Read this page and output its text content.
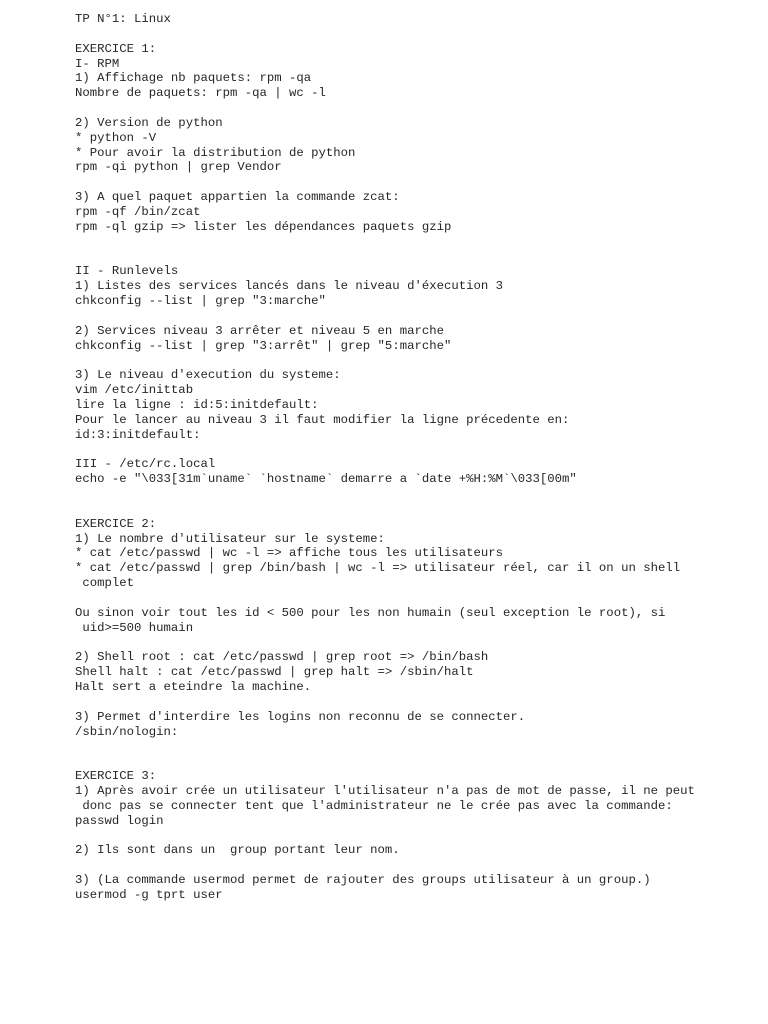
TP N°1: Linux
EXERCICE 1:
I- RPM
1) Affichage nb paquets: rpm -qa
Nombre de paquets: rpm -qa | wc -l
2) Version de python
* python -V
* Pour avoir la distribution de python
rpm -qi python | grep Vendor
3) A quel paquet appartien la commande zcat:
rpm -qf /bin/zcat
rpm -ql gzip => lister les dépendances paquets gzip
II - Runlevels
1) Listes des services lancés dans le niveau d'éxecution 3
chkconfig --list | grep "3:marche"
2) Services niveau 3 arrêter et niveau 5 en marche
chkconfig --list | grep "3:arrêt" | grep "5:marche"
3) Le niveau d'execution du systeme:
vim /etc/inittab
lire la ligne : id:5:initdefault:
Pour le lancer au niveau 3 il faut modifier la ligne précedente en:
id:3:initdefault:
III - /etc/rc.local
echo -e "\033[31m`uname` `hostname` demarre a `date +%H:%M`\033[00m"
EXERCICE 2:
1) Le nombre d'utilisateur sur le systeme:
* cat /etc/passwd | wc -l => affiche tous les utilisateurs
* cat /etc/passwd | grep /bin/bash | wc -l => utilisateur réel, car il on un shell
complet
Ou sinon voir tout les id < 500 pour les non humain (seul exception le root), si
uid>=500 humain
2) Shell root : cat /etc/passwd | grep root => /bin/bash
Shell halt : cat /etc/passwd | grep halt => /sbin/halt
Halt sert a eteindre la machine.
3) Permet d'interdire les logins non reconnu de se connecter.
/sbin/nologin:
EXERCICE 3:
1) Après avoir crée un utilisateur l'utilisateur n'a pas de mot de passe, il ne peut
donc pas se connecter tent que l'administrateur ne le crée pas avec la commande:
passwd login
2) Ils sont dans un  group portant leur nom.
3) (La commande usermod permet de rajouter des groups utilisateur à un group.)
usermod -g tprt user
